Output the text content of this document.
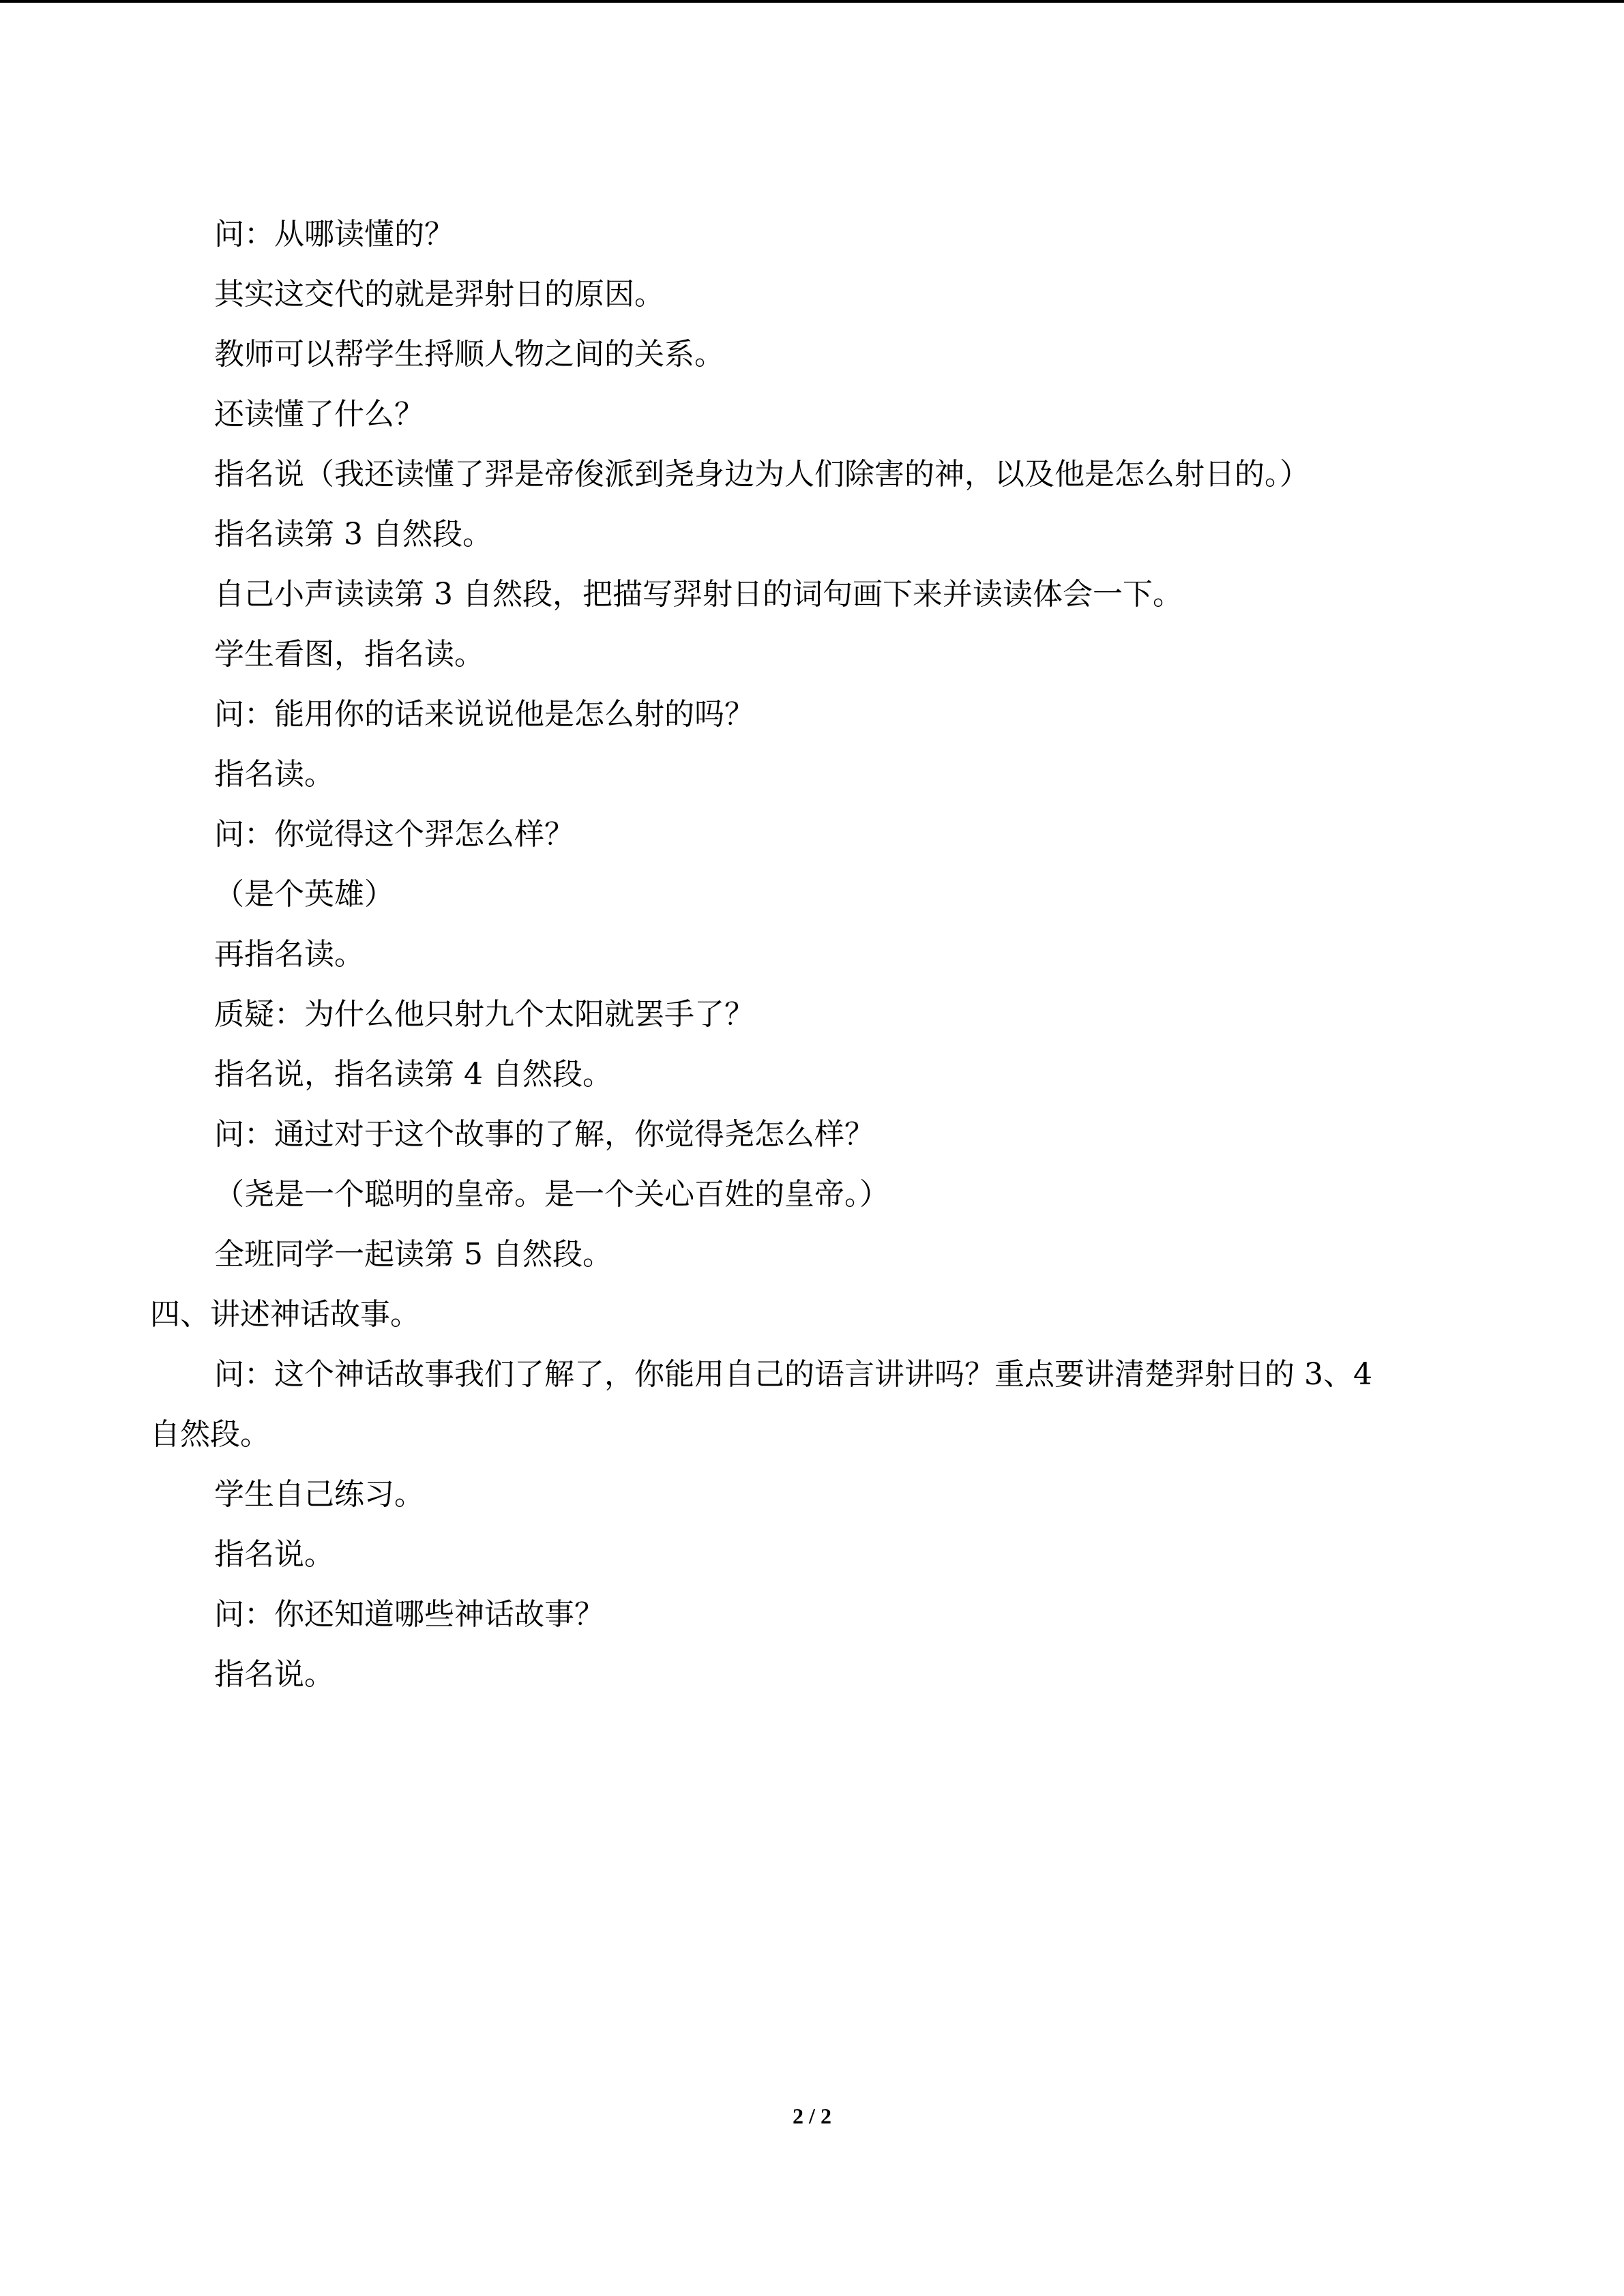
问：从哪读懂的？
其实这交代的就是羿射日的原因。
教师可以帮学生捋顺人物之间的关系。
还读懂了什么？
指名说（我还读懂了羿是帝俊派到尧身边为人们除害的神，以及他是怎么射日的。）
指名读第 3 自然段。
自己小声读读第 3 自然段，把描写羿射日的词句画下来并读读体会一下。
学生看图，指名读。
问：能用你的话来说说他是怎么射的吗？
指名读。
问：你觉得这个羿怎么样？
（是个英雄）
再指名读。
质疑：为什么他只射九个太阳就罢手了？
指名说，指名读第 4 自然段。
问：通过对于这个故事的了解，你觉得尧怎么样？
（尧是一个聪明的皇帝。是一个关心百姓的皇帝。）
全班同学一起读第 5 自然段。
四、讲述神话故事。
问：这个神话故事我们了解了，你能用自己的语言讲讲吗？重点要讲清楚羿射日的 3、4
自然段。
学生自己练习。
指名说。
问：你还知道哪些神话故事？
指名说。
2 / 2
